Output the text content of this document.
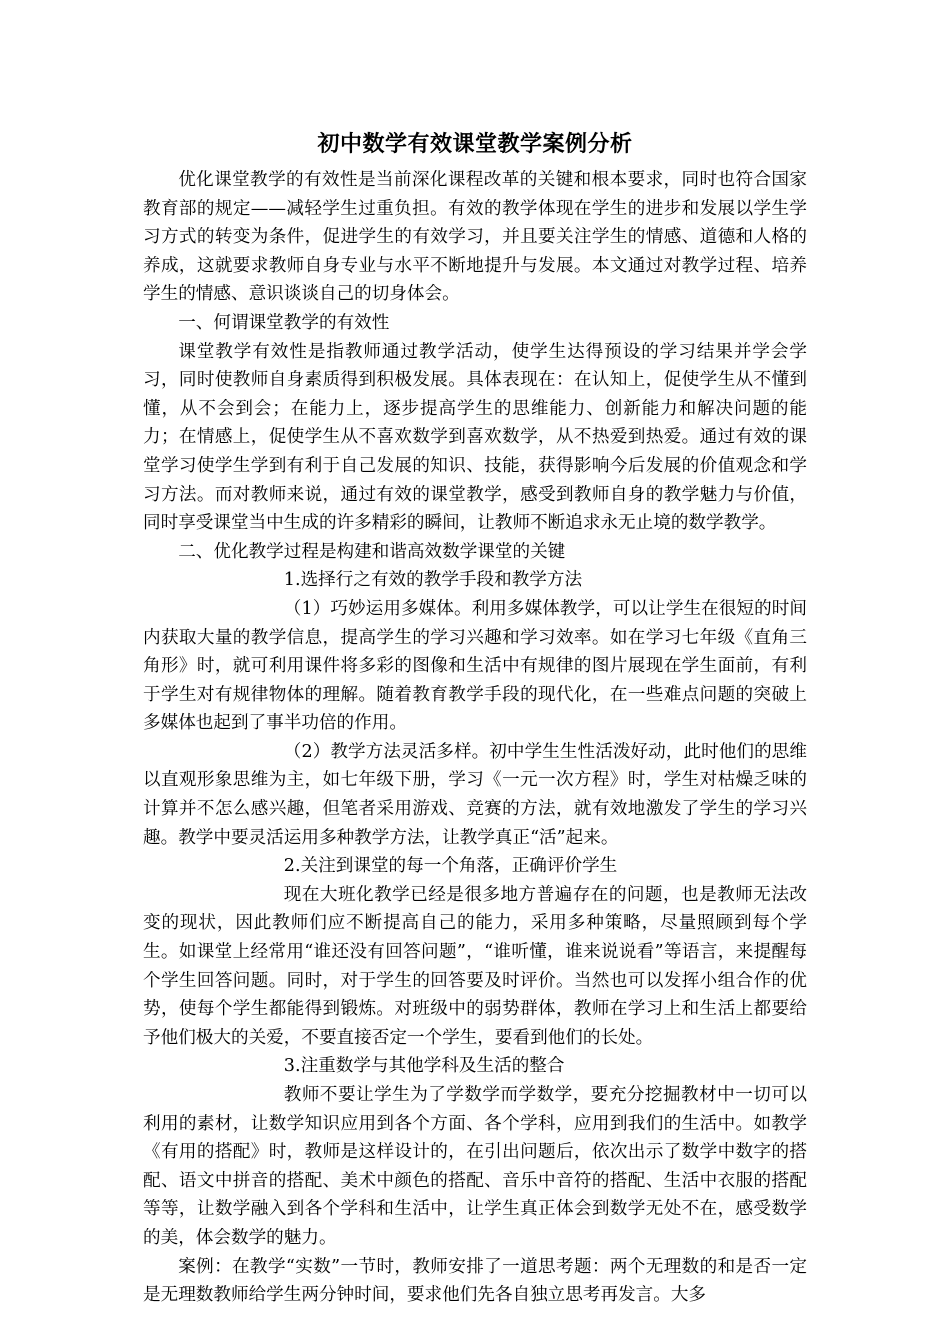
初中数学有效课堂教学案例分析

优化课堂教学的有效性是当前深化课程改革的关键和根本要求，同时也符合国家教育部的规定——减轻学生过重负担。有效的教学体现在学生的进步和发展以学生学习方式的转变为条件，促进学生的有效学习，并且要关注学生的情感、道德和人格的养成，这就要求教师自身专业与水平不断地提升与发展。本文通过对教学过程、培养学生的情感、意识谈谈自己的切身体会。

一、何谓课堂教学的有效性

课堂教学有效性是指教师通过教学活动，使学生达得预设的学习结果并学会学习，同时使教师自身素质得到积极发展。具体表现在：在认知上，促使学生从不懂到懂，从不会到会；在能力上，逐步提高学生的思维能力、创新能力和解决问题的能力；在情感上，促使学生从不喜欢数学到喜欢数学，从不热爱到热爱。通过有效的课堂学习使学生学到有利于自己发展的知识、技能，获得影响今后发展的价值观念和学习方法。而对教师来说，通过有效的课堂教学，感受到教师自身的教学魅力与价值，同时享受课堂当中生成的许多精彩的瞬间，让教师不断追求永无止境的数学教学。

二、优化教学过程是构建和谐高效数学课堂的关键

1.选择行之有效的教学手段和教学方法

（1）巧妙运用多媒体。利用多媒体教学，可以让学生在很短的时间内获取大量的教学信息，提高学生的学习兴趣和学习效率。如在学习七年级《直角三角形》时，就可利用课件将多彩的图像和生活中有规律的图片展现在学生面前，有利于学生对有规律物体的理解。随着教育教学手段的现代化，在一些难点问题的突破上多媒体也起到了事半功倍的作用。

（2）教学方法灵活多样。初中学生生性活泼好动，此时他们的思维以直观形象思维为主，如七年级下册，学习《一元一次方程》时，学生对枯燥乏味的计算并不怎么感兴趣，但笔者采用游戏、竞赛的方法，就有效地激发了学生的学习兴趣。教学中要灵活运用多种教学方法，让教学真正“活”起来。

2.关注到课堂的每一个角落，正确评价学生

现在大班化教学已经是很多地方普遍存在的问题，也是教师无法改变的现状，因此教师们应不断提高自己的能力，采用多种策略，尽量照顾到每个学生。如课堂上经常用“谁还没有回答问题”，“谁听懂，谁来说说看”等语言，来提醒每个学生回答问题。同时，对于学生的回答要及时评价。当然也可以发挥小组合作的优势，使每个学生都能得到锻炼。对班级中的弱势群体，教师在学习上和生活上都要给予他们极大的关爱，不要直接否定一个学生，要看到他们的长处。

3.注重数学与其他学科及生活的整合

教师不要让学生为了学数学而学数学，要充分挖掘教材中一切可以利用的素材，让数学知识应用到各个方面、各个学科，应用到我们的生活中。如教学《有用的搭配》时，教师是这样设计的，在引出问题后，依次出示了数学中数字的搭配、语文中拼音的搭配、美术中颜色的搭配、音乐中音符的搭配、生活中衣服的搭配等等，让数学融入到各个学科和生活中，让学生真正体会到数学无处不在，感受数学的美，体会数学的魅力。

案例：在教学“实数”一节时，教师安排了一道思考题：两个无理数的和是否一定是无理数教师给学生两分钟时间，要求他们先各自独立思考再发言。大多
